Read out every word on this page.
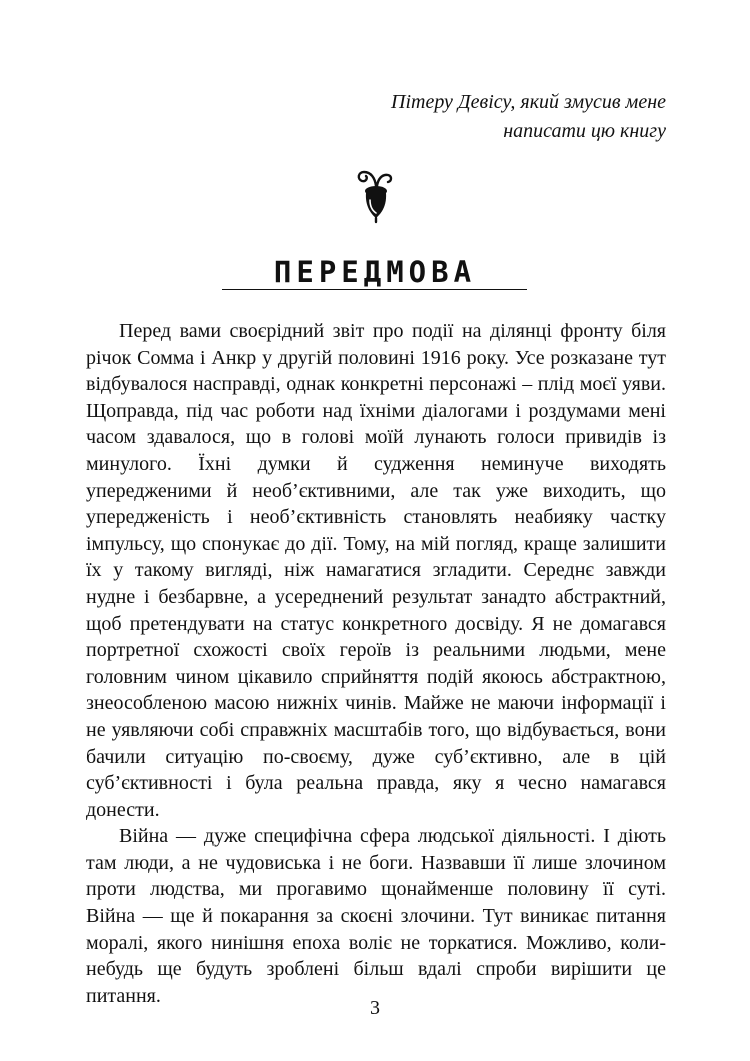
Пітеру Девісу, який змусив мене
написати цю книгу
ПЕРЕДМОВА

Перед вами своєрідний звіт про події на ділянці фронту біля
річок Сомма і Анкр у другій половині 1916 року. Усе розказане тут
відбувалося насправді, однак конкретні персонажі – плід моєї уяви.
Щоправда, під час роботи над їхніми діалогами і роздумами мені
часом здавалося, що в голові моїй лунають голоси привидів із
минулого. Їхні думки й судження неминуче виходять
упередженими й необ’єктивними, але так уже виходить, що
упередженість і необ’єктивність становлять неабияку частку
імпульсу, що спонукає до дії. Тому, на мій погляд, краще залишити
їх у такому вигляді, ніж намагатися згладити. Середнє завжди
нудне і безбарвне, а усереднений результат занадто абстрактний,
щоб претендувати на статус конкретного досвіду. Я не домагався
портретної схожості своїх героїв із реальними людьми, мене
головним чином цікавило сприйняття подій якоюсь абстрактною,
знеособленою масою нижніх чинів. Майже не маючи інформації і
не уявляючи собі справжніх масштабів того, що відбувається, вони
бачили ситуацію по-своєму, дуже суб’єктивно, але в цій
суб’єктивності і була реальна правда, яку я чесно намагався
донести.

Війна — дуже специфічна сфера людської діяльності. І діють
там люди, а не чудовиська і не боги. Назвавши її лише злочином
проти людства, ми прогавимо щонайменше половину її суті.
Війна — ще й покарання за скоєні злочини. Тут виникає питання
моралі, якого нинішня епоха воліє не торкатися. Можливо, коли-
небудь ще будуть зроблені більш вдалі спроби вирішити це
питання.

3
